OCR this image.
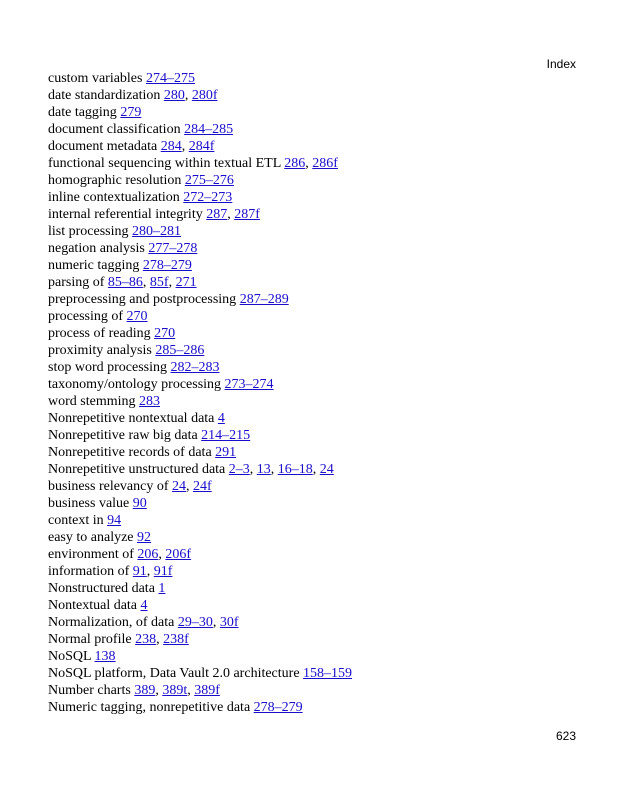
Index

custom variables 274–275
date standardization 280, 280f
date tagging 279
document classification 284–285
document metadata 284, 284f
functional sequencing within textual ETL 286, 286f
homographic resolution 275–276
inline contextualization 272–273
internal referential integrity 287, 287f
list processing 280–281
negation analysis 277–278
numeric tagging 278–279
parsing of 85–86, 85f, 271
preprocessing and postprocessing 287–289
processing of 270
process of reading 270
proximity analysis 285–286
stop word processing 282–283
taxonomy/ontology processing 273–274
word stemming 283
Nonrepetitive nontextual data 4
Nonrepetitive raw big data 214–215
Nonrepetitive records of data 291
Nonrepetitive unstructured data 2–3, 13, 16–18, 24
business relevancy of 24, 24f
business value 90
context in 94
easy to analyze 92
environment of 206, 206f
information of 91, 91f
Nonstructured data 1
Nontextual data 4
Normalization, of data 29–30, 30f
Normal profile 238, 238f
NoSQL 138
NoSQL platform, Data Vault 2.0 architecture 158–159
Number charts 389, 389t, 389f
Numeric tagging, nonrepetitive data 278–279

623
